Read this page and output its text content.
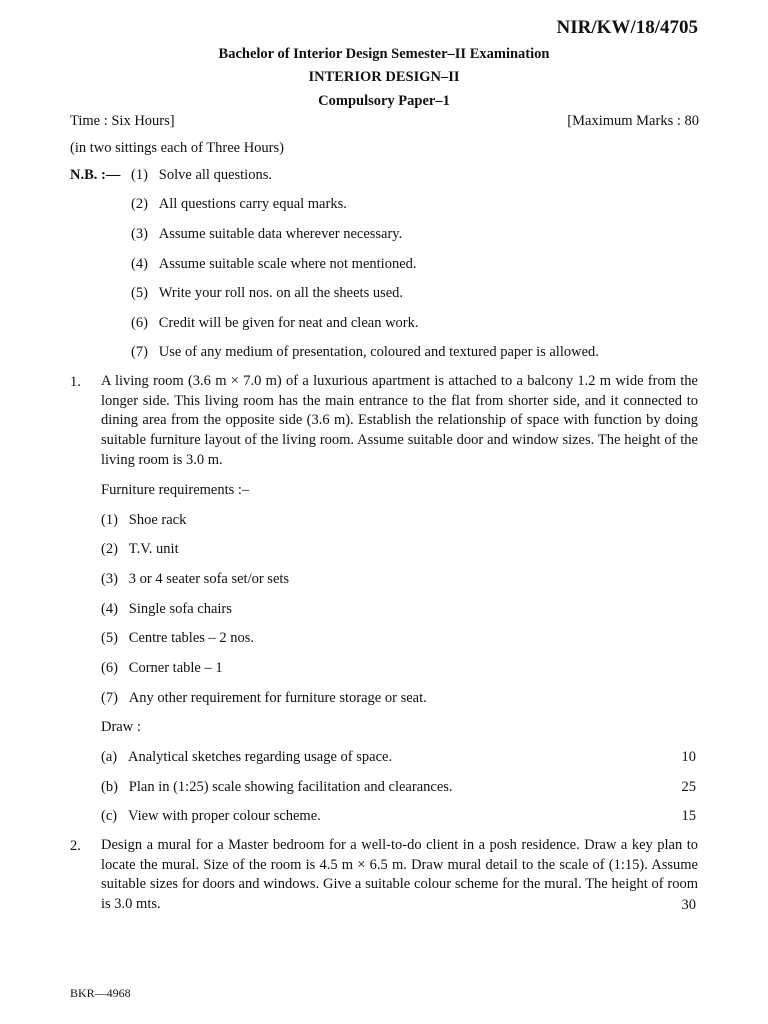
NIR/KW/18/4705
Bachelor of Interior Design Semester–II Examination
INTERIOR DESIGN–II
Compulsory Paper–1
Time : Six Hours]	[Maximum Marks : 80
(in two sittings each of Three Hours)
N.B. :— (1) Solve all questions.
(2) All questions carry equal marks.
(3) Assume suitable data wherever necessary.
(4) Assume suitable scale where not mentioned.
(5) Write your roll nos. on all the sheets used.
(6) Credit will be given for neat and clean work.
(7) Use of any medium of presentation, coloured and textured paper is allowed.
1. A living room (3.6 m × 7.0 m) of a luxurious apartment is attached to a balcony 1.2 m wide from the longer side. This living room has the main entrance to the flat from shorter side, and it connected to dining area from the opposite side (3.6 m). Establish the relationship of space with function by doing suitable furniture layout of the living room. Assume suitable door and window sizes. The height of the living room is 3.0 m.
Furniture requirements :–
(1) Shoe rack
(2) T.V. unit
(3) 3 or 4 seater sofa set/or sets
(4) Single sofa chairs
(5) Centre tables – 2 nos.
(6) Corner table – 1
(7) Any other requirement for furniture storage or seat.
Draw :
(a) Analytical sketches regarding usage of space.	10
(b) Plan in (1:25) scale showing facilitation and clearances.	25
(c) View with proper colour scheme.	15
2. Design a mural for a Master bedroom for a well-to-do client in a posh residence. Draw a key plan to locate the mural. Size of the room is 4.5 m × 6.5 m. Draw mural detail to the scale of (1:15). Assume suitable sizes for doors and windows. Give a suitable colour scheme for the mural. The height of room is 3.0 mts.	30
BKR—4968
